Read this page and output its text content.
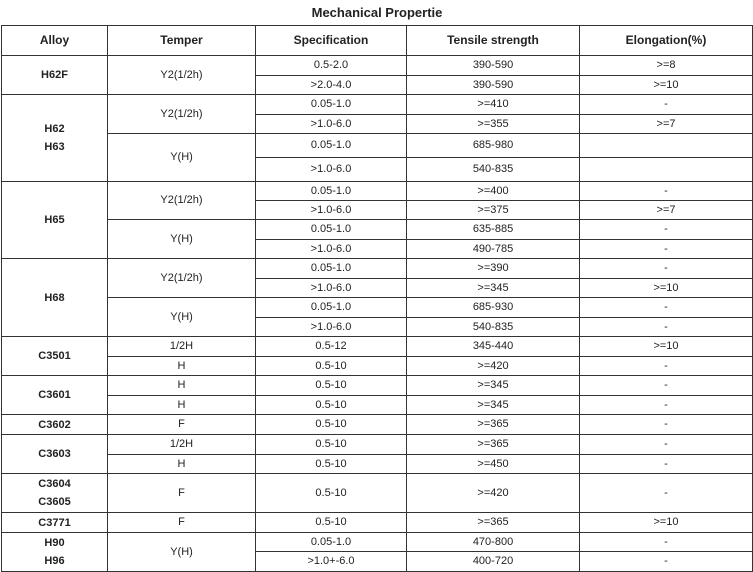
Mechanical Propertie				
Alloy	Temper	Specification	Tensile strength	Elongation(%)

H62F	Y2(1/2h)	0.5-2.0	390-590	>=8
		>2.0-4.0	390-590	>=10

H62
H63	Y2(1/2h)	0.05-1.0	>=410	-
		>1.0-6.0	>=355	>=7
	Y(H)	0.05-1.0	685-980	
		>1.0-6.0	540-835	

H65	Y2(1/2h)	0.05-1.0	>=400	-
		>1.0-6.0	>=375	>=7
	Y(H)	0.05-1.0	635-885	-
		>1.0-6.0	490-785	-

H68	Y2(1/2h)	0.05-1.0	>=390	-
		>1.0-6.0	>=345	>=10
	Y(H)	0.05-1.0	685-930	-
		>1.0-6.0	540-835	-

C3501	1/2H	0.5-12	345-440	>=10
	H	0.5-10	>=420	-

C3601	H	0.5-10	>=345	-
	H	0.5-10	>=345	-

C3602	F	0.5-10	>=365	-

C3603	1/2H	0.5-10	>=365	-
	H	0.5-10	>=450	-

C3604
C3605	F	0.5-10	>=420	-

C3771	F	0.5-10	>=365	>=10

H90
H96	Y(H)	0.05-1.0	470-800	-
		>1.0+-6.0	400-720	-
